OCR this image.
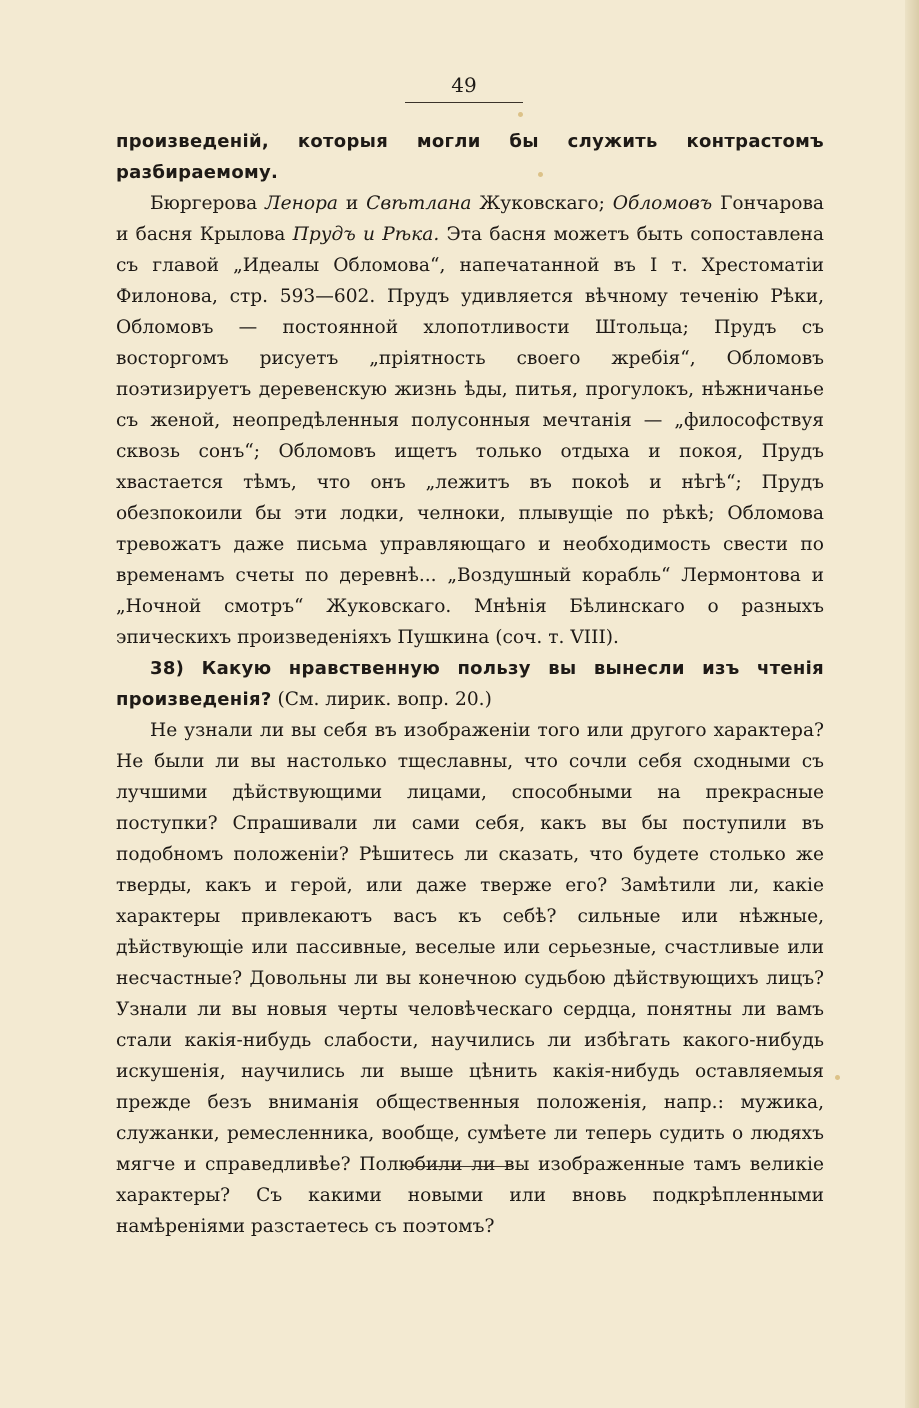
49

произведеній, которыя могли бы служить контрастомъ разбираемому.

Бюргерова Ленора и Свѣтлана Жуковскаго; Обломовъ Гончарова и басня Крылова Прудъ и Рѣка. Эта басня можетъ быть сопоставлена съ главой „Идеалы Обломова“, напечатанной въ I т. Хрестоматіи Филонова, стр. 593—602. Прудъ удивляется вѣчному теченію Рѣки, Обломовъ — постоянной хлопотливости Штольца; Прудъ съ восторгомъ рисуетъ „пріятность своего жребія“, Обломовъ поэтизируетъ деревенскую жизнь ѣды, питья, прогулокъ, нѣжничанье съ женой, неопредѣленныя полусонныя мечтанія — „философствуя сквозь сонъ“; Обломовъ ищетъ только отдыха и покоя, Прудъ хвастается тѣмъ, что онъ „лежитъ въ покоѣ и нѣгѣ“; Прудъ обезпокоили бы эти лодки, челноки, плывущіе по рѣкѣ; Обломова тревожатъ даже письма управляющаго и необходимость свести по временамъ счеты по деревнѣ... „Воздушный корабль“ Лермонтова и „Ночной смотръ“ Жуковскаго. Мнѣнія Бѣлинскаго о разныхъ эпическихъ произведеніяхъ Пушкина (соч. т. VIII).

38) Какую нравственную пользу вы вынесли изъ чтенія произведенія? (См. лирик. вопр. 20.)

Не узнали ли вы себя въ изображеніи того или другого характера? Не были ли вы настолько тщеславны, что сочли себя сходными съ лучшими дѣйствующими лицами, способными на прекрасные поступки? Спрашивали ли сами себя, какъ вы бы поступили въ подобномъ положеніи? Рѣшитесь ли сказать, что будете столько же тверды, какъ и герой, или даже тверже его? Замѣтили ли, какіе характеры привлекаютъ васъ къ себѣ? сильные или нѣжные, дѣйствующіе или пассивные, веселые или серьезные, счастливые или несчастные? Довольны ли вы конечною судьбою дѣйствующихъ лицъ? Узнали ли вы новыя черты человѣческаго сердца, понятны ли вамъ стали какія-нибудь слабости, научились ли избѣгать какого-нибудь искушенія, научились ли выше цѣнить какія-нибудь оставляемыя прежде безъ вниманія общественныя положенія, напр.: мужика, служанки, ремесленника, вообще, сумѣете ли теперь судить о людяхъ мягче и справедливѣе? Полюбили ли вы изображенные тамъ великіе характеры? Съ какими новыми или вновь подкрѣпленными намѣреніями разстаетесь съ поэтомъ?
